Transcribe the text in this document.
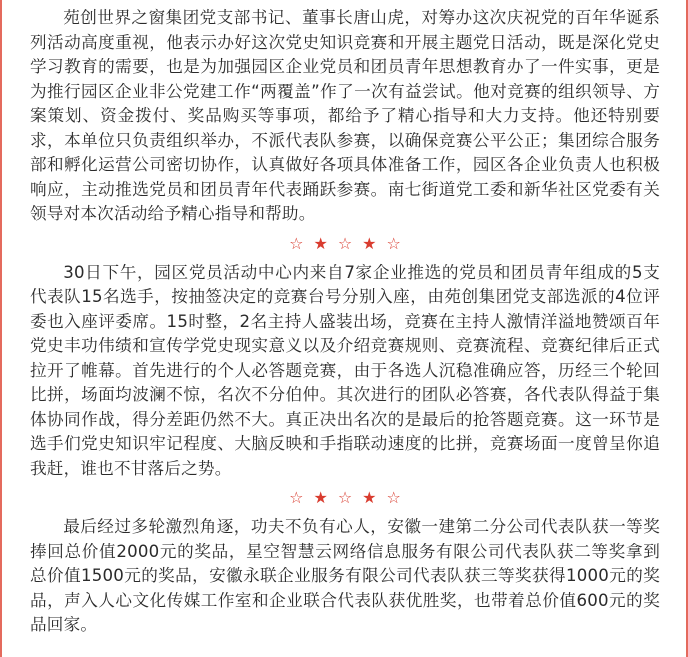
苑创世界之窗集团党支部书记、董事长唐山虎，对筹办这次庆祝党的百年华诞系列活动高度重视，他表示办好这次党史知识竞赛和开展主题党日活动，既是深化党史学习教育的需要，也是为加强园区企业党员和团员青年思想教育办了一件实事，更是为推行园区企业非公党建工作“两覆盖”作了一次有益尝试。他对竞赛的组织领导、方案策划、资金拨付、奖品购买等事项，都给予了精心指导和大力支持。他还特别要求，本单位只负责组织举办，不派代表队参赛，以确保竞赛公平公正；集团综合服务部和孵化运营公司密切协作，认真做好各项具体准备工作，园区各企业负责人也积极响应，主动推选党员和团员青年代表踊跃参赛。南七街道党工委和新华社区党委有关领导对本次活动给予精心指导和帮助。

☆ ★ ☆ ★ ☆

30日下午，园区党员活动中心内来自7家企业推选的党员和团员青年组成的5支代表队15名选手，按抽签决定的竞赛台号分别入座，由苑创集团党支部选派的4位评委也入座评委席。15时整，2名主持人盛装出场，竞赛在主持人激情洋溢地赞颂百年党史丰功伟绩和宣传学党史现实意义以及介绍竞赛规则、竞赛流程、竞赛纪律后正式拉开了帷幕。首先进行的个人必答题竞赛，由于各选人沉稳准确应答，历经三个轮回比拼，场面均波澜不惊，名次不分伯仲。其次进行的团队必答赛，各代表队得益于集体协同作战，得分差距仍然不大。真正决出名次的是最后的抢答题竞赛。这一环节是选手们党史知识牢记程度、大脑反映和手指联动速度的比拼，竞赛场面一度曾呈你追我赶，谁也不甘落后之势。

☆ ★ ☆ ★ ☆

最后经过多轮激烈角逐，功夫不负有心人，安徽一建第二分公司代表队获一等奖捧回总价值2000元的奖品，星空智慧云网络信息服务有限公司代表队获二等奖拿到总价值1500元的奖品，安徽永联企业服务有限公司代表队获三等奖获得1000元的奖品，声入人心文化传媒工作室和企业联合代表队获优胜奖，也带着总价值600元的奖品回家。
